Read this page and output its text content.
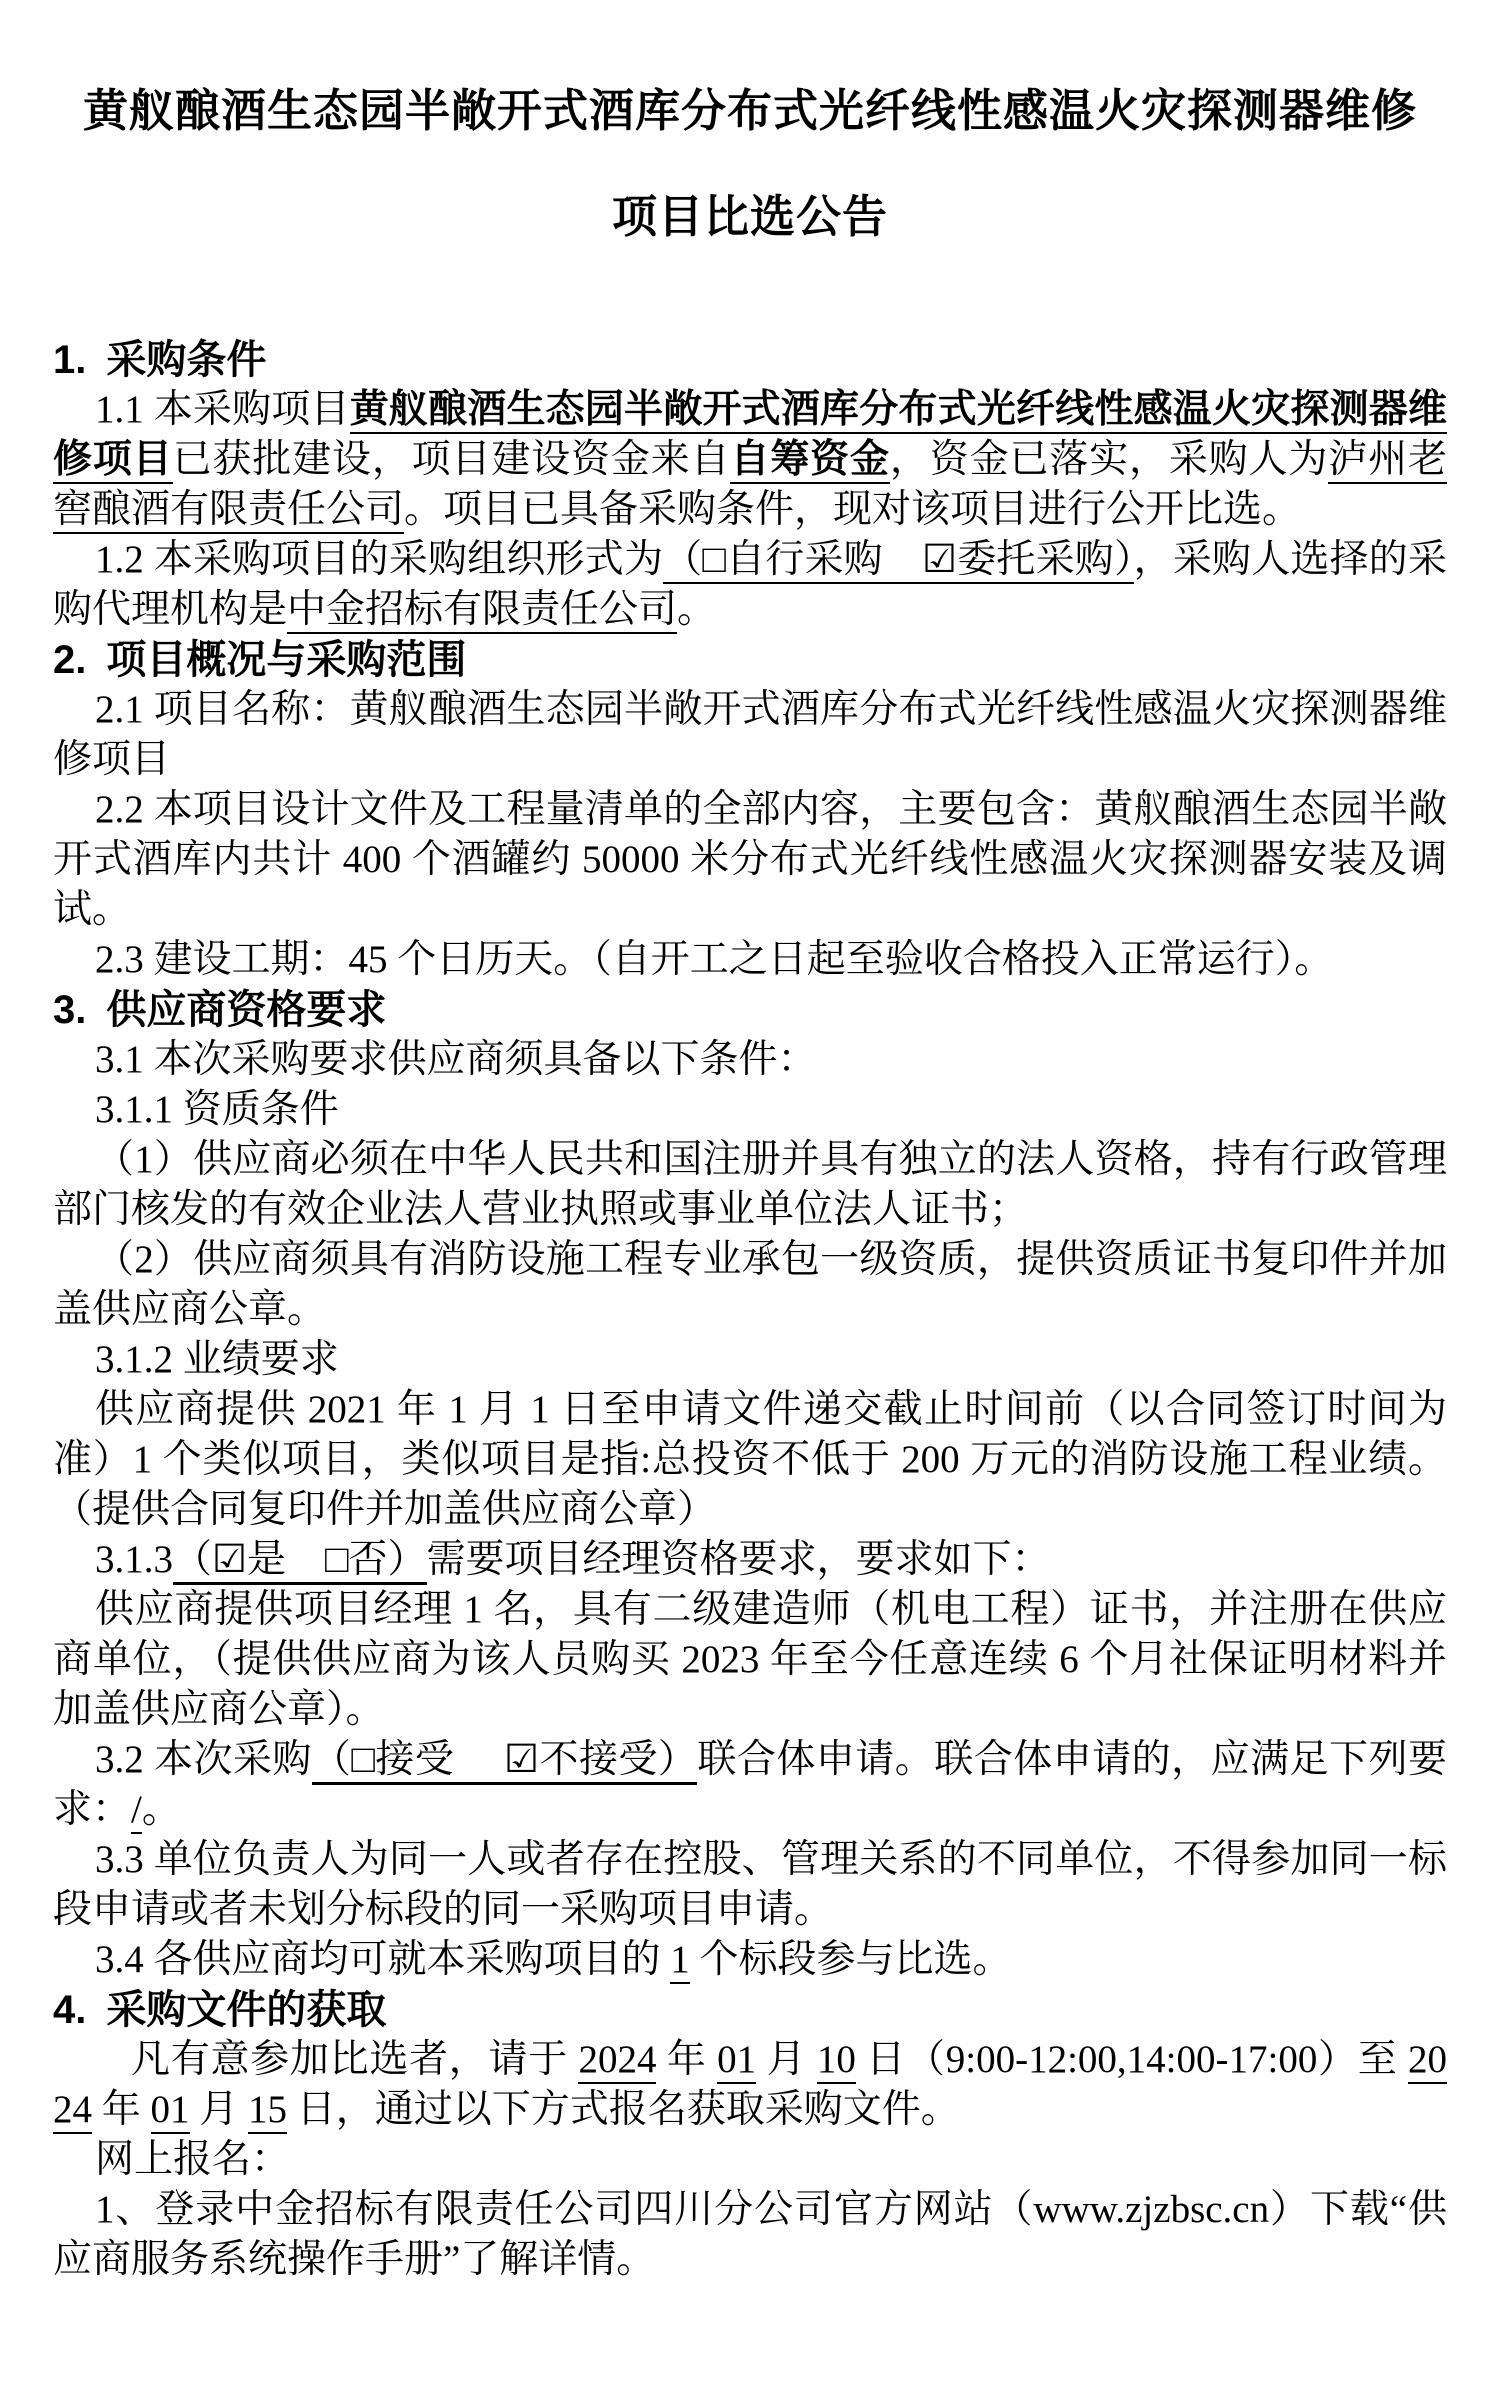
黄舣酿酒生态园半敞开式酒库分布式光纤线性感温火灾探测器维修
项目比选公告

1. 采购条件

1.1 本采购项目黄舣酿酒生态园半敞开式酒库分布式光纤线性感温火灾探测器维修项目已获批建设，项目建设资金来自自筹资金，资金已落实，采购人为泸州老窖酿酒有限责任公司。项目已具备采购条件，现对该项目进行公开比选。

1.2 本采购项目的采购组织形式为（□自行采购　☑委托采购），采购人选择的采购代理机构是中金招标有限责任公司。

2. 项目概况与采购范围

2.1 项目名称：黄舣酿酒生态园半敞开式酒库分布式光纤线性感温火灾探测器维修项目

2.2 本项目设计文件及工程量清单的全部内容，主要包含：黄舣酿酒生态园半敞开式酒库内共计 400 个酒罐约 50000 米分布式光纤线性感温火灾探测器安装及调试。

2.3 建设工期：45 个日历天。（自开工之日起至验收合格投入正常运行）。

3. 供应商资格要求

3.1 本次采购要求供应商须具备以下条件：

3.1.1 资质条件

（1）供应商必须在中华人民共和国注册并具有独立的法人资格，持有行政管理部门核发的有效企业法人营业执照或事业单位法人证书；

（2）供应商须具有消防设施工程专业承包一级资质，提供资质证书复印件并加盖供应商公章。

3.1.2 业绩要求

供应商提供 2021 年 1 月 1 日至申请文件递交截止时间前（以合同签订时间为准）1 个类似项目，类似项目是指:总投资不低于 200 万元的消防设施工程业绩。（提供合同复印件并加盖供应商公章）

3.1.3（☑是　□否）需要项目经理资格要求，要求如下：

供应商提供项目经理 1 名，具有二级建造师（机电工程）证书，并注册在供应商单位，（提供供应商为该人员购买 2023 年至今任意连续 6 个月社保证明材料并加盖供应商公章）。

3.2 本次采购（□接受　 ☑不接受）联合体申请。联合体申请的，应满足下列要求：/。

3.3 单位负责人为同一人或者存在控股、管理关系的不同单位，不得参加同一标段申请或者未划分标段的同一采购项目申请。

3.4 各供应商均可就本采购项目的 1 个标段参与比选。

4. 采购文件的获取

凡有意参加比选者，请于 2024 年 01 月 10 日（9:00-12:00,14:00-17:00）至 2024 年 01 月 15 日，通过以下方式报名获取采购文件。

网上报名：

1、登录中金招标有限责任公司四川分公司官方网站（www.zjzbsc.cn）下载“供应商服务系统操作手册”了解详情。
